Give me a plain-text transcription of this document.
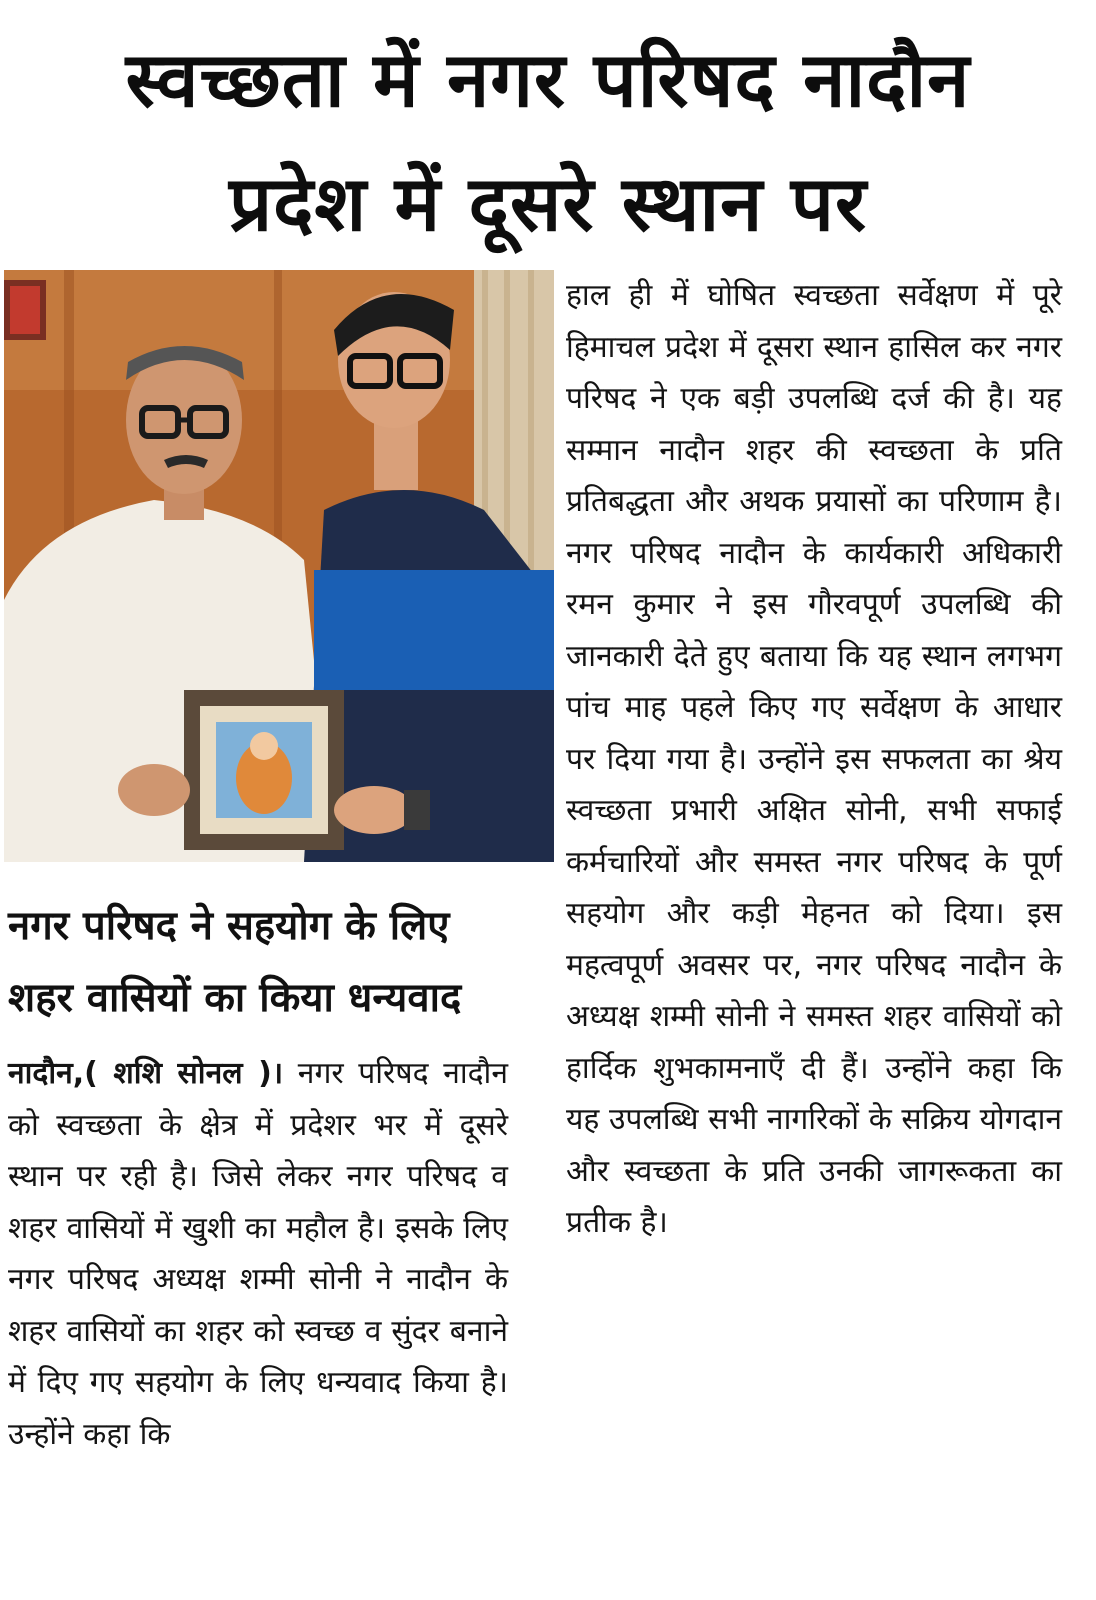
स्वच्छता में नगर परिषद नादौन
प्रदेश में दूसरे स्थान पर
नगर परिषद ने सहयोग के लिए
शहर वासियों का किया धन्यवाद

नादौन,( शशि सोनल )। नगर परिषद नादौन को स्वच्छता के क्षेत्र में प्रदेशर भर में दूसरे स्थान पर रही है। जिसे लेकर नगर परिषद व शहर वासियों में खुशी का महौल है। इसके लिए नगर परिषद अध्यक्ष शम्मी सोनी ने नादौन के शहर वासियों का शहर को स्वच्छ व सुंदर बनाने में दिए गए सहयोग के लिए धन्यवाद किया है। उन्होंने कहा कि

हाल ही में घोषित स्वच्छता सर्वेक्षण में पूरे हिमाचल प्रदेश में दूसरा स्थान हासिल कर नगर परिषद ने एक बड़ी उपलब्धि दर्ज की है। यह सम्मान नादौन शहर की स्वच्छता के प्रति प्रतिबद्धता और अथक प्रयासों का परिणाम है। नगर परिषद नादौन के कार्यकारी अधिकारी रमन कुमार ने इस गौरवपूर्ण उपलब्धि की जानकारी देते हुए बताया कि यह स्थान लगभग पांच माह पहले किए गए सर्वेक्षण के आधार पर दिया गया है। उन्होंने इस सफलता का श्रेय स्वच्छता प्रभारी अक्षित सोनी, सभी सफाई कर्मचारियों और समस्त नगर परिषद के पूर्ण सहयोग और कड़ी मेहनत को दिया। इस महत्वपूर्ण अवसर पर, नगर परिषद नादौन के अध्यक्ष शम्मी सोनी ने समस्त शहर वासियों को हार्दिक शुभकामनाएँ दी हैं। उन्होंने कहा कि यह उपलब्धि सभी नागरिकों के सक्रिय योगदान और स्वच्छता के प्रति उनकी जागरूकता का प्रतीक है।
